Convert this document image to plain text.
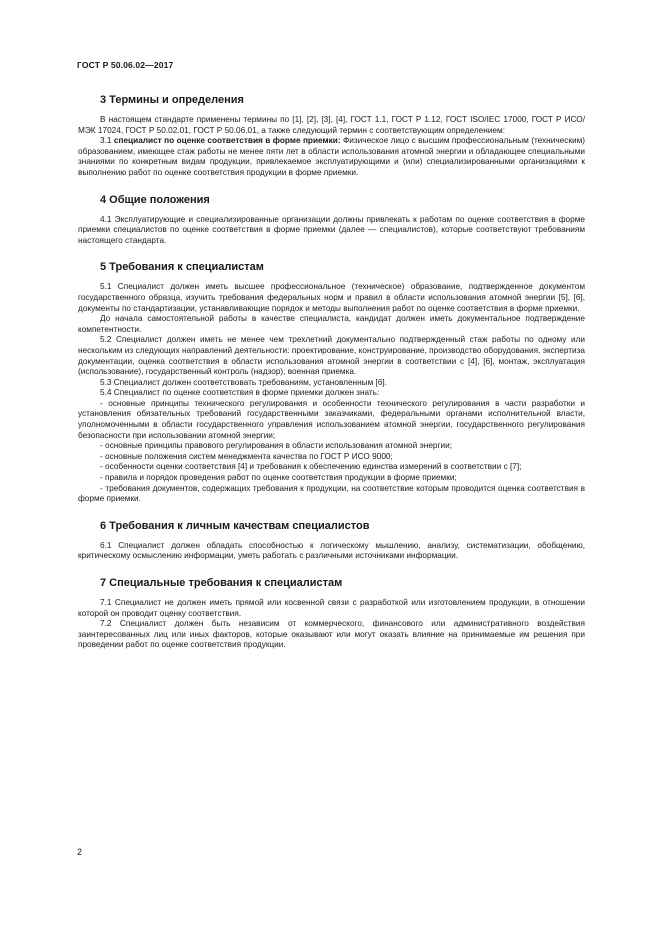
ГОСТ Р 50.06.02—2017
3 Термины и определения

В настоящем стандарте применены термины по [1], [2], [3], [4], ГОСТ 1.1, ГОСТ Р 1.12, ГОСТ ISO/IEC 17000, ГОСТ Р ИСО/МЭК 17024, ГОСТ Р 50.02.01, ГОСТ Р 50.06.01, а также следующий термин с соответствующим определением:

3.1 специалист по оценке соответствия в форме приемки: Физическое лицо с высшим профессиональным (техническим) образованием, имеющее стаж работы не менее пяти лет в области использования атомной энергии и обладающее специальными знаниями по конкретным видам продукции, привлекаемое эксплуатирующими и (или) специализированными организациями к выполнению работ по оценке соответствия продукции в форме приемки.

4 Общие положения

4.1 Эксплуатирующие и специализированные организации должны привлекать к работам по оценке соответствия в форме приемки специалистов по оценке соответствия в форме приемки (далее — специалистов), которые соответствуют требованиям настоящего стандарта.

5 Требования к специалистам

5.1 Специалист должен иметь высшее профессиональное (техническое) образование, подтвержденное документом государственного образца, изучить требования федеральных норм и правил в области использования атомной энергии [5], [6], документы по стандартизации, устанавливающие порядок и методы выполнения работ по оценке соответствия в форме приемки.

До начала самостоятельной работы в качестве специалиста, кандидат должен иметь документальное подтверждение компетентности.

5.2 Специалист должен иметь не менее чем трехлетний документально подтвержденный стаж работы по одному или нескольким из следующих направлений деятельности: проектирование, конструирование, производство оборудования, экспертиза документации, оценка соответствия в области использования атомной энергии в соответствии с [4], [6], монтаж, эксплуатация (использование), государственный контроль (надзор), военная приемка.

5.3 Специалист должен соответствовать требованиям, установленным [6].

5.4 Специалист по оценке соответствия в форме приемки должен знать:

- основные принципы технического регулирования и особенности технического регулирования в части разработки и установления обязательных требований государственными заказчиками, федеральными органами исполнительной власти, уполномоченными в области государственного управления использованием атомной энергии, государственного регулирования безопасности при использовании атомной энергии;

- основные принципы правового регулирования в области использования атомной энергии;

- основные положения систем менеджмента качества по ГОСТ Р ИСО 9000;

- особенности оценки соответствия [4] и требования к обеспечению единства измерений в соответствии с [7];

- правила и порядок проведения работ по оценке соответствия продукции в форме приемки;

- требования документов, содержащих требования к продукции, на соответствие которым проводится оценка соответствия в форме приемки.

6 Требования к личным качествам специалистов

6.1 Специалист должен обладать способностью к логическому мышлению, анализу, систематизации, обобщению, критическому осмыслению информации, уметь работать с различными источниками информации.

7 Специальные требования к специалистам

7.1 Специалист не должен иметь прямой или косвенной связи с разработкой или изготовлением продукции, в отношении которой он проводит оценку соответствия.

7.2 Специалист должен быть независим от коммерческого, финансового или административного воздействия заинтересованных лиц или иных факторов, которые оказывают или могут оказать влияние на принимаемые им решения при проведении работ по оценке соответствия продукции.

2
